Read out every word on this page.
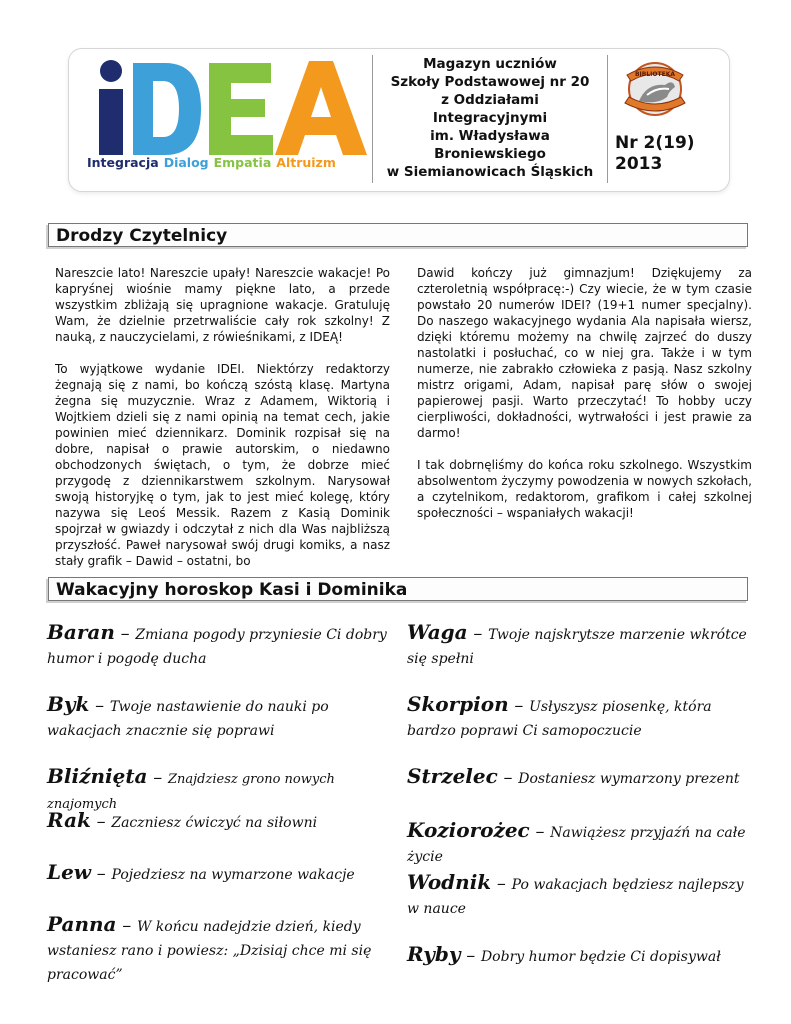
Integracja Dialog Empatia Altruizm
Magazyn uczniów
Szkoły Podstawowej nr 20
z Oddziałami
Integracyjnymi
im. Władysława
Broniewskiego
w Siemianowicach Śląskich
BIBLIOTEKA
Nr 2(19)
2013
Drodzy Czytelnicy

Nareszcie lato! Nareszcie upały! Nareszcie wakacje! Po kapryśnej wiośnie mamy piękne lato, a przede wszystkim zbliżają się upragnione wakacje. Gratuluję Wam, że dzielnie przetrwaliście cały rok szkolny! Z nauką, z nauczycielami, z rówieśnikami, z IDEĄ!

To wyjątkowe wydanie IDEI. Niektórzy redaktorzy żegnają się z nami, bo kończą szóstą klasę. Martyna żegna się muzycznie. Wraz z Adamem, Wiktorią i Wojtkiem dzieli się z nami opinią na temat cech, jakie powinien mieć dziennikarz. Dominik rozpisał się na dobre, napisał o prawie autorskim, o niedawno obchodzonych świętach, o tym, że dobrze mieć przygodę z dziennikarstwem szkolnym. Narysował swoją historyjkę o tym, jak to jest mieć kolegę, który nazywa się Leoś Messik. Razem z Kasią Dominik spojrzał w gwiazdy i odczytał z nich dla Was najbliższą przyszłość. Paweł narysował swój drugi komiks, a nasz stały grafik – Dawid – ostatni, bo

Dawid kończy już gimnazjum! Dziękujemy za czteroletnią współpracę:-) Czy wiecie, że w tym czasie powstało 20 numerów IDEI? (19+1 numer specjalny). Do naszego wakacyjnego wydania Ala napisała wiersz, dzięki któremu możemy na chwilę zajrzeć do duszy nastolatki i posłuchać, co w niej gra. Także i w tym numerze, nie zabrakło człowieka z pasją. Nasz szkolny mistrz origami, Adam, napisał parę słów o swojej papierowej pasji. Warto przeczytać! To hobby uczy cierpliwości, dokładności, wytrwałości i jest prawie za darmo!

I tak dobrnęliśmy do końca roku szkolnego. Wszystkim absolwentom życzymy powodzenia w nowych szkołach, a czytelnikom, redaktorom, grafikom i całej szkolnej społeczności – wspaniałych wakacji!

Wakacyjny horoskop Kasi i Dominika
Baran – Zmiana pogody przyniesie Ci dobry humor i pogodę ducha
Byk – Twoje nastawienie do nauki po wakacjach znacznie się poprawi
Bliźnięta – Znajdziesz grono nowych znajomych
Rak – Zaczniesz ćwiczyć na siłowni
Lew – Pojedziesz na wymarzone wakacje
Panna – W końcu nadejdzie dzień, kiedy wstaniesz rano i powiesz: „Dzisiaj chce mi się pracować”
Waga – Twoje najskrytsze marzenie wkrótce się spełni
Skorpion – Usłyszysz piosenkę, która bardzo poprawi Ci samopoczucie
Strzelec – Dostaniesz wymarzony prezent
Koziorożec – Nawiążesz przyjaźń na całe życie
Wodnik – Po wakacjach będziesz najlepszy w nauce
Ryby – Dobry humor będzie Ci dopisywał
